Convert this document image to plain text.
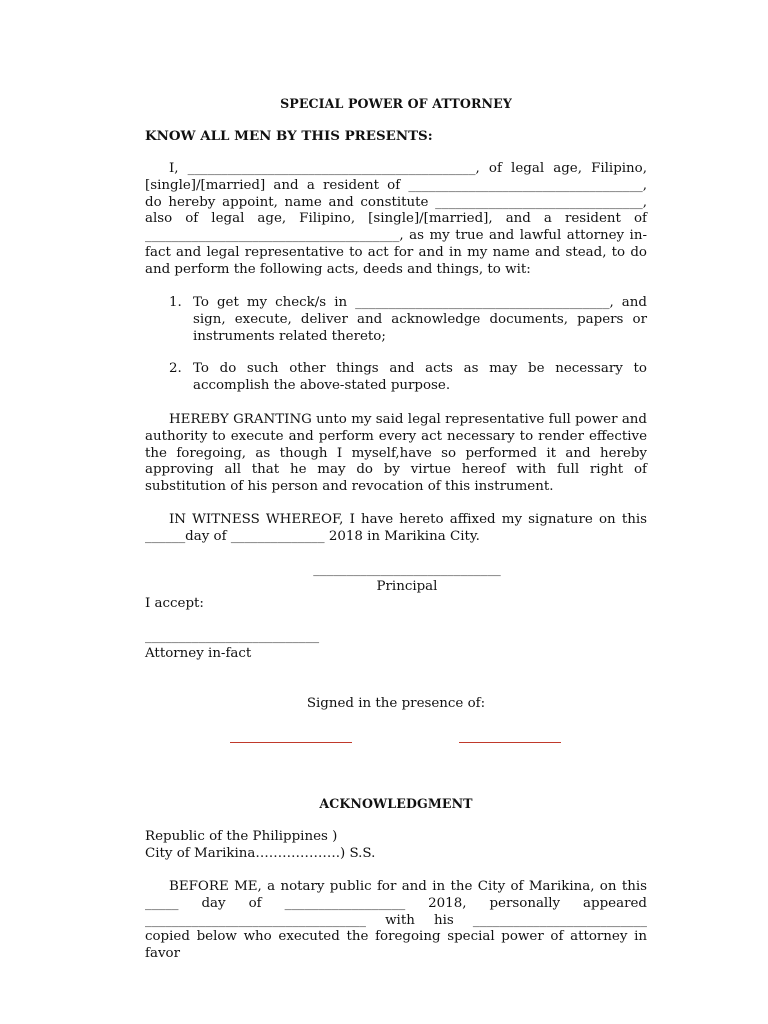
SPECIAL POWER OF ATTORNEY
KNOW ALL MEN BY THIS PRESENTS:

I, ___________________________________________, of legal age, Filipino, [single]/[married] and a resident of ___________________________________, do hereby appoint, name and constitute _______________________________, also of legal age, Filipino, [single]/[married], and a resident of ______________________________________, as my true and lawful attorney in-fact and legal representative to act for and in my name and stead, to do and perform the following acts, deeds and things, to wit:

1. To get my check/s in ______________________________________, and sign, execute, deliver and acknowledge documents, papers or instruments related thereto;
2. To do such other things and acts as may be necessary to accomplish the above-stated purpose.

HEREBY GRANTING unto my said legal representative full power and authority to execute and perform every act necessary to render effective the foregoing, as though I myself,have so performed it and hereby approving all that he may do by virtue hereof with full right of substitution of his person and revocation of this instrument.

IN WITNESS WHEREOF, I have hereto affixed my signature on this ______day of ______________ 2018 in Marikina City.

____________________________
Principal
I accept:
__________________________
Attorney in-fact
Signed in the presence of:
ACKNOWLEDGMENT
Republic of the Philippines )
City of Marikina……………….) S.S.

BEFORE ME, a notary public for and in the City of Marikina, on this _____ day of __________________ 2018, personally appeared _________________________________ with his __________________________ copied below who executed the foregoing special power of attorney in favor
